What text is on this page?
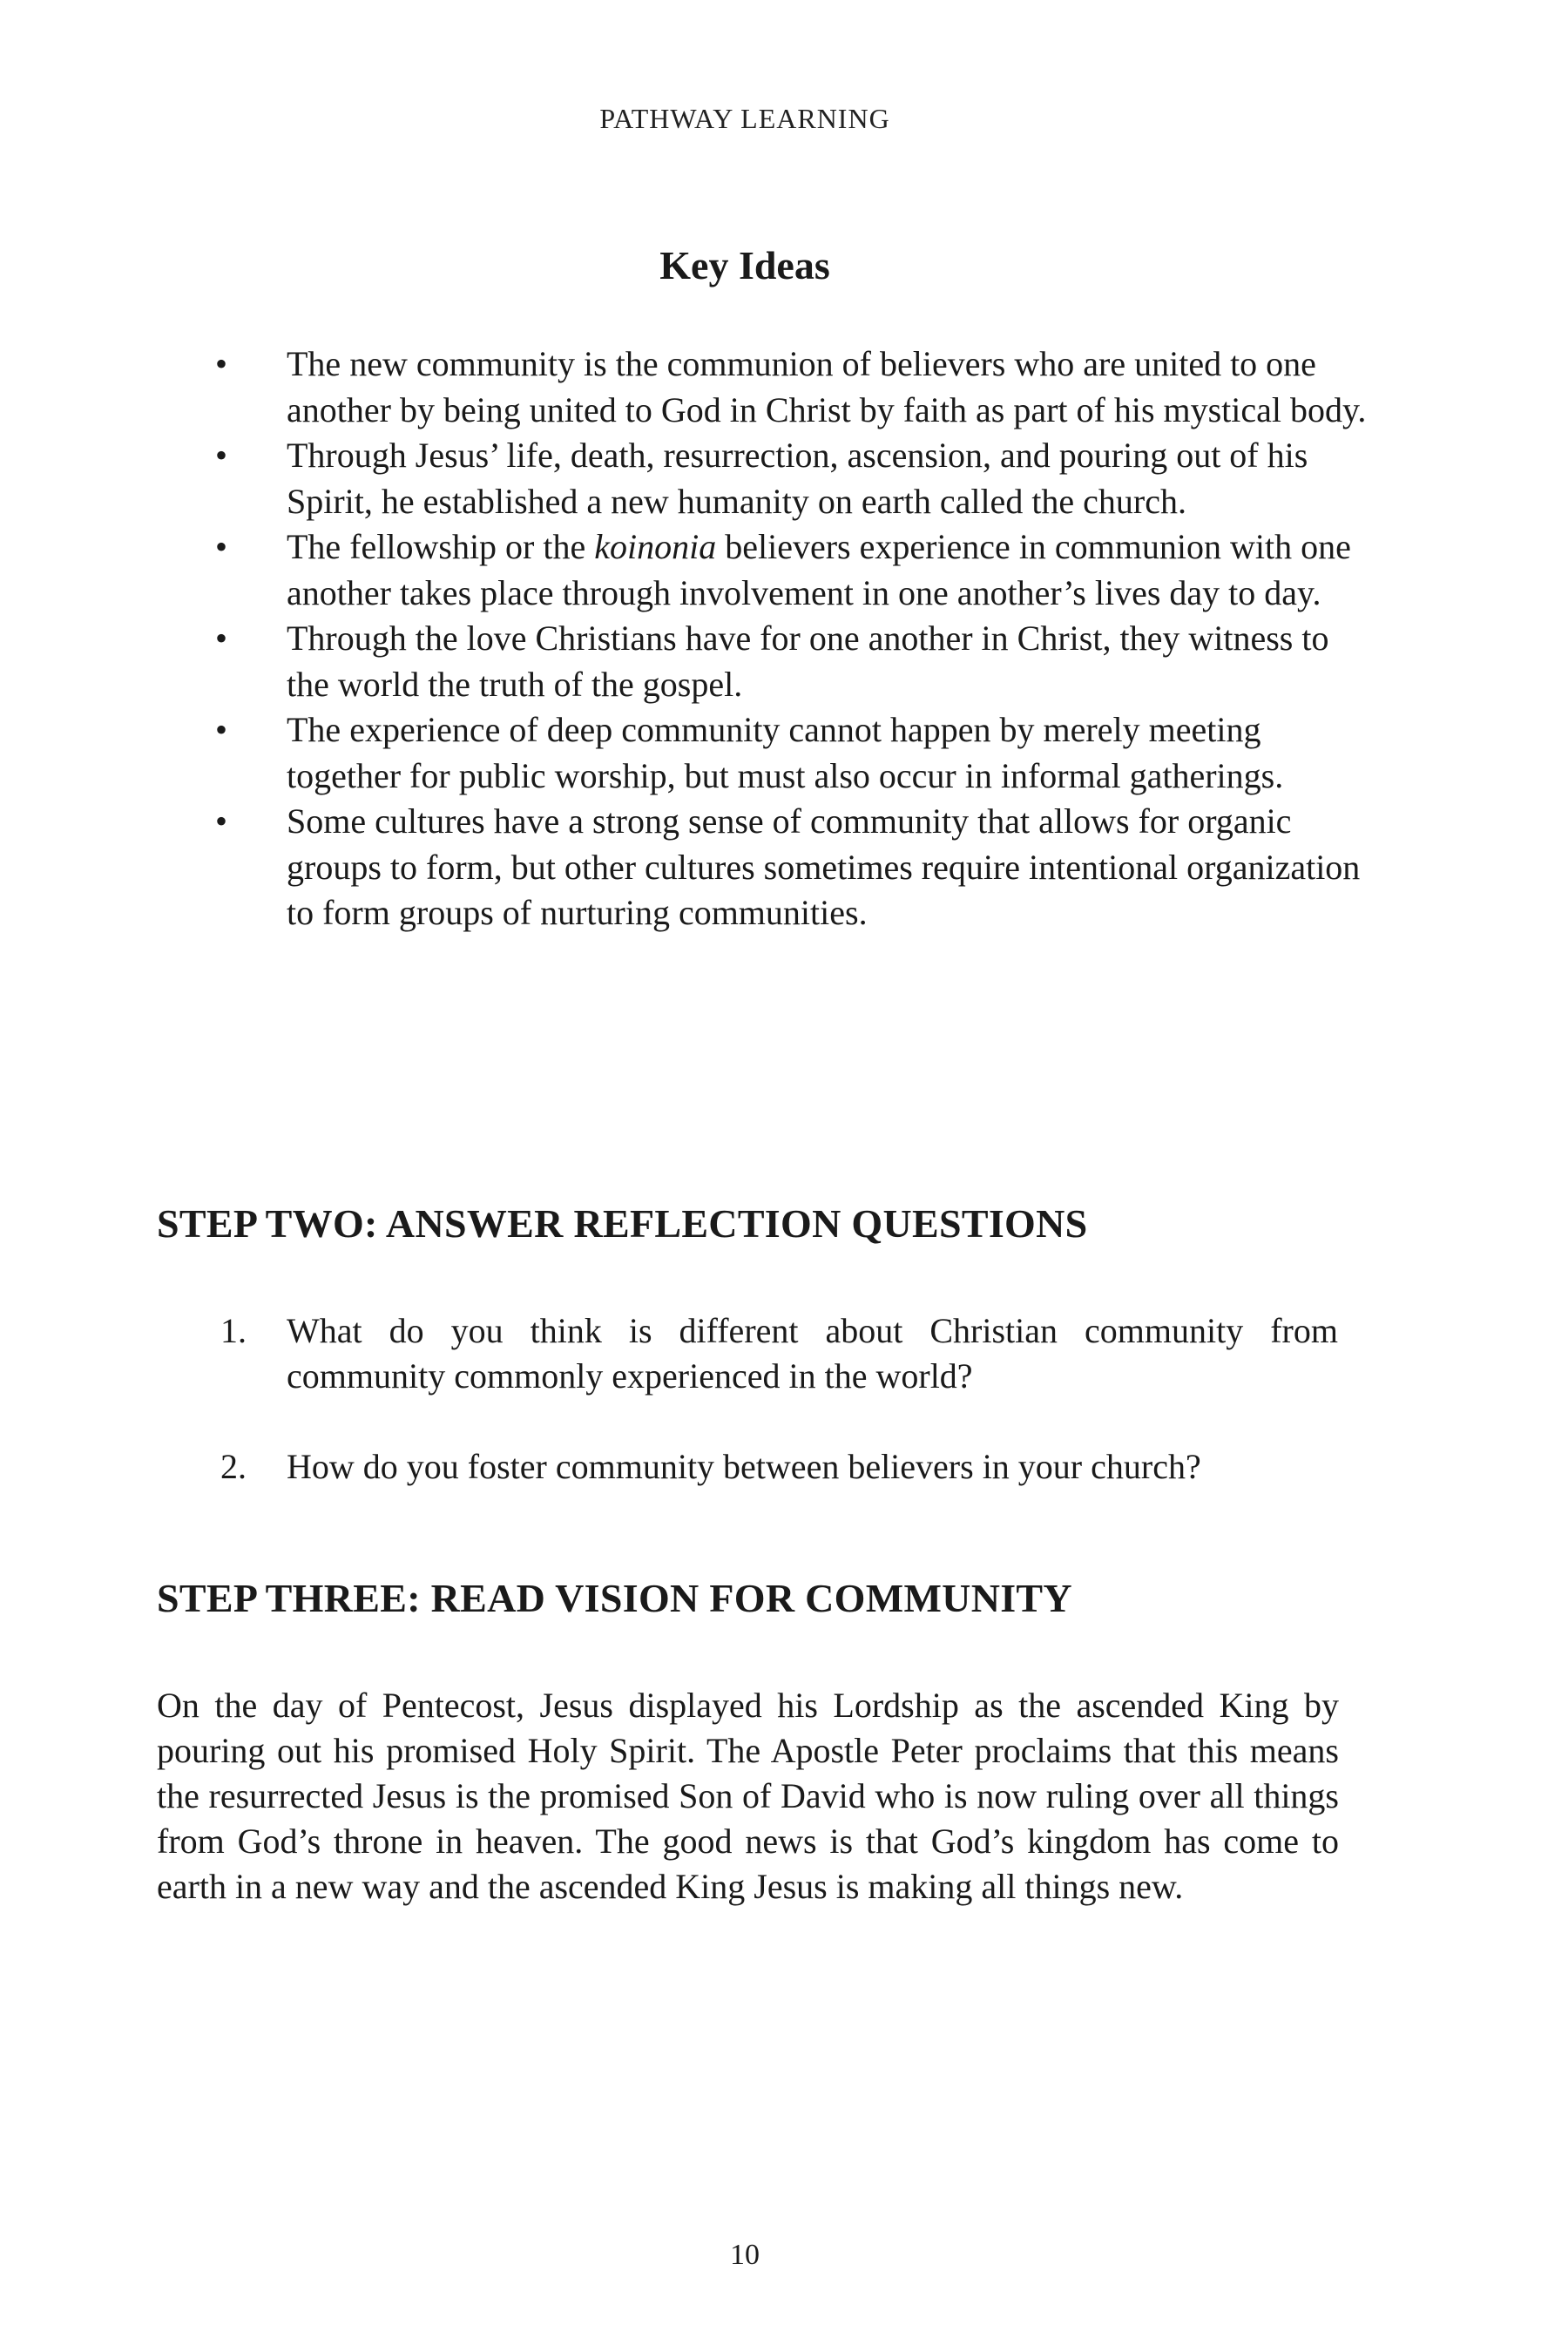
PATHWAY LEARNING
Key Ideas
•	The new community is the communion of believers who are united to one another by being united to God in Christ by faith as part of his mystical body.
•	Through Jesus’ life, death, resurrection, ascension, and pouring out of his Spirit, he established a new humanity on earth called the church.
•	The fellowship or the koinonia believers experience in communion with one another takes place through involvement in one another’s lives day to day.
•	Through the love Christians have for one another in Christ, they witness to the world the truth of the gospel.
•	The experience of deep community cannot happen by merely meeting together for public worship, but must also occur in informal gatherings.
•	Some cultures have a strong sense of community that allows for organic groups to form, but other cultures sometimes require intentional organization to form groups of nurturing communities.
STEP TWO: ANSWER REFLECTION QUESTIONS
1. What do you think is different about Christian community from community commonly experienced in the world?
2. How do you foster community between believers in your church?
STEP THREE: READ VISION FOR COMMUNITY

On the day of Pentecost, Jesus displayed his Lordship as the ascended King by pouring out his promised Holy Spirit. The Apostle Peter proclaims that this means the resurrected Jesus is the promised Son of David who is now ruling over all things from God’s throne in heaven. The good news is that God’s kingdom has come to earth in a new way and the ascended King Jesus is making all things new.

10
